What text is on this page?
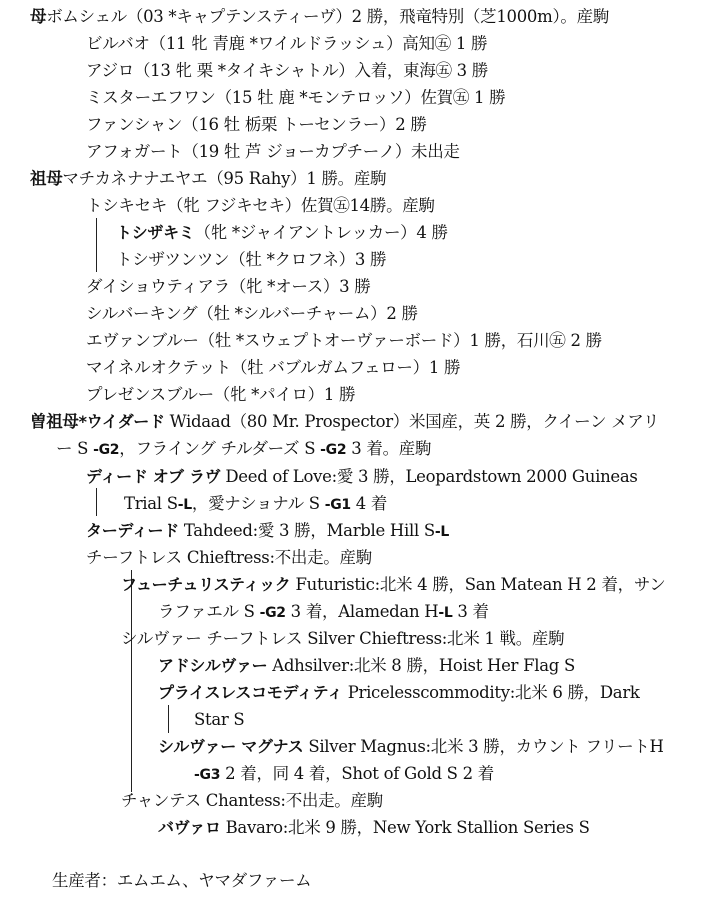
母ボムシェル（03 *キャプテンスティーヴ）2 勝，飛竜特別（芝1000m）。産駒
ビルバオ（11 牝 青鹿 *ワイルドラッシュ）高知㊄ 1 勝
アジロ（13 牝 栗 *タイキシャトル）入着，東海㊄ 3 勝
ミスターエフワン（15 牡 鹿 *モンテロッソ）佐賀㊄ 1 勝
ファンシャン（16 牡 栃栗 トーセンラー）2 勝
アフォガート（19 牡 芦 ジョーカプチーノ）未出走
祖母マチカネナナエヤエ（95 Rahy）1 勝。産駒
トシキセキ（牝 フジキセキ）佐賀㊄14勝。産駒
トシザキミ（牝 *ジャイアントレッカー）4 勝
トシザツンツン（牡 *クロフネ）3 勝
ダイショウティアラ（牝 *オース）3 勝
シルバーキング（牡 *シルバーチャーム）2 勝
エヴァンブルー（牡 *スウェプトオーヴァーボード）1 勝，石川㊄ 2 勝
マイネルオクテット（牡 バブルガムフェロー）1 勝
プレゼンスブルー（牝 *パイロ）1 勝
曽祖母*ウイダード Widaad（80 Mr. Prospector）米国産，英 2 勝，クイーン メアリ
ー S -G2，フライング チルダーズ S -G2 3 着。産駒
ディード オブ ラヴ Deed of Love:愛 3 勝，Leopardstown 2000 Guineas
Trial S-L，愛ナショナル S -G1 4 着
ターディード Tahdeed:愛 3 勝，Marble Hill S-L
チーフトレス Chieftress:不出走。産駒
フューチュリスティック Futuristic:北米 4 勝，San Matean H 2 着，サン
ラファエル S -G2 3 着，Alamedan H-L 3 着
シルヴァー チーフトレス Silver Chieftress:北米 1 戦。産駒
アドシルヴァー Adhsilver:北米 8 勝，Hoist Her Flag S
プライスレスコモディティ Pricelesscommodity:北米 6 勝，Dark
Star S
シルヴァー マグナス Silver Magnus:北米 3 勝，カウント フリートH
-G3 2 着，同 4 着，Shot of Gold S 2 着
チャンテス Chantess:不出走。産駒
バヴァロ Bavaro:北米 9 勝，New York Stallion Series S
生産者：エムエム、ヤマダファーム
